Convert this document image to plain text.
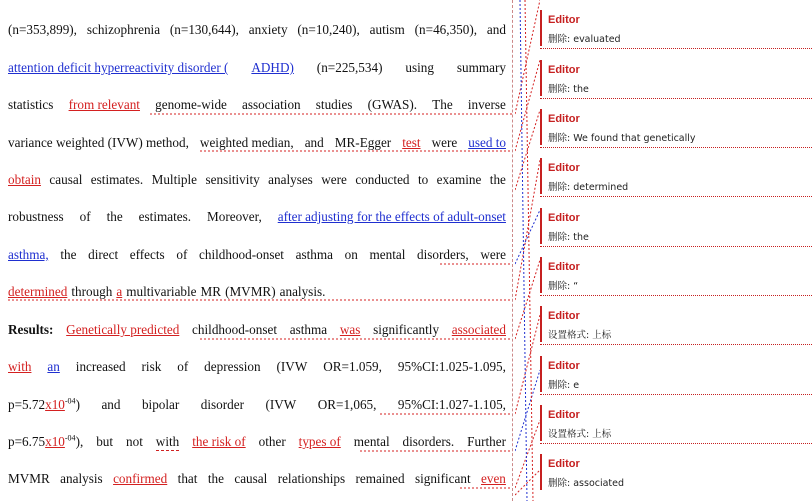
(n=353,899), schizophrenia (n=130,644), anxiety (n=10,240), autism (n=46,350), and
attention deficit hyperreactivity disorder ( ADHD) (n=225,534) using summary
statistics from relevant genome-wide association studies (GWAS). The inverse
variance weighted (IVW) method, weighted median, and MR-Egger test were used to
obtain causal estimates. Multiple sensitivity analyses were conducted to examine the
robustness of the estimates. Moreover, after adjusting for the effects of adult-onset
asthma, the direct effects of childhood-onset asthma on mental disorders, were
determined through a multivariable MR (MVMR) analysis.
Results: Genetically predicted childhood-onset asthma was significantly associated
with an increased risk of depression (IVW OR=1.059, 95%CI:1.025-1.095,
$p=5.72x10^{-04}$) and bipolar disorder (IVW OR=1,065, 95%CI:1.027-1.105,
$p=6.75x10^{-04}$), but not with the risk of other types of mental disorders. Further
MVMR analysis confirmed that the causal relationships remained significant even
Editor
删除: evaluated
Editor
删除: the
Editor
删除: We found that genetically
Editor
删除: determined
Editor
删除: the
Editor
删除: “
Editor
设置格式: 上标
Editor
删除: e
Editor
设置格式: 上标
Editor
删除: associated
